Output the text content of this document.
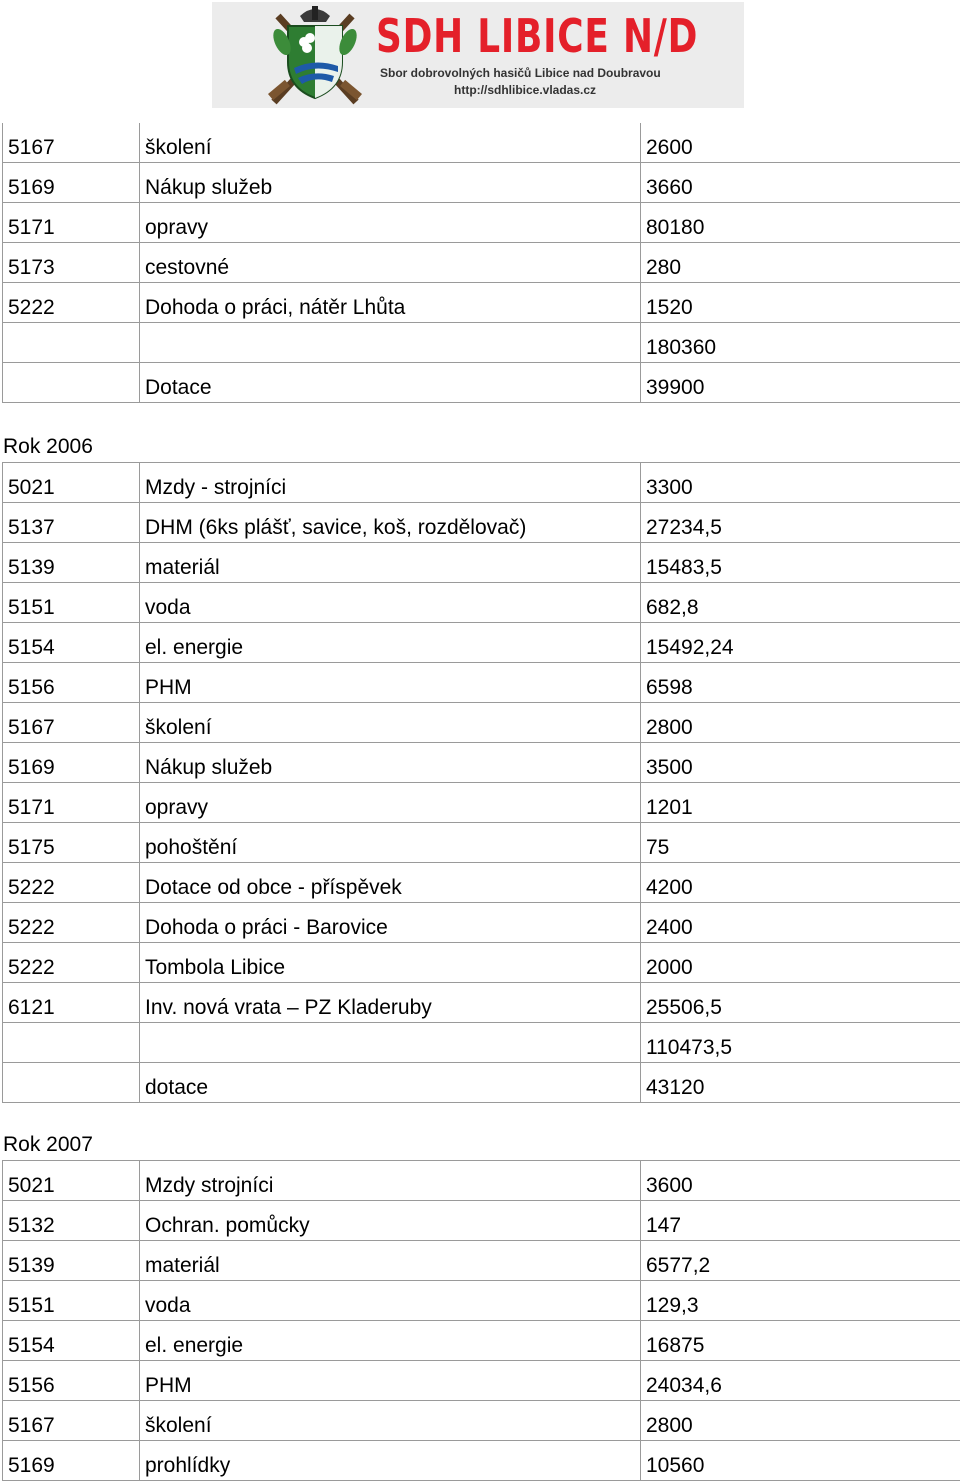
SDH LIBICE N/D
Sbor dobrovolných hasičů Libice nad Doubravou
http://sdhlibice.vladas.cz
5167	školení	2600
5169	Nákup služeb	3660
5171	opravy	80180
5173	cestovné	280
5222	Dohoda o práci, nátěr Lhůta	1520
		180360
	Dotace	39900
Rok 2006
5021	Mzdy - strojníci	3300
5137	DHM (6ks plášť, savice, koš, rozdělovač)	27234,5
5139	materiál	15483,5
5151	voda	682,8
5154	el. energie	15492,24
5156	PHM	6598
5167	školení	2800
5169	Nákup služeb	3500
5171	opravy	1201
5175	pohoštění	75
5222	Dotace od obce - příspěvek	4200
5222	Dohoda o práci - Barovice	2400
5222	Tombola Libice	2000
6121	Inv. nová vrata – PZ Kladeruby	25506,5
		110473,5
	dotace	43120
Rok 2007
5021	Mzdy strojníci	3600
5132	Ochran. pomůcky	147
5139	materiál	6577,2
5151	voda	129,3
5154	el. energie	16875
5156	PHM	24034,6
5167	školení	2800
5169	prohlídky	10560
